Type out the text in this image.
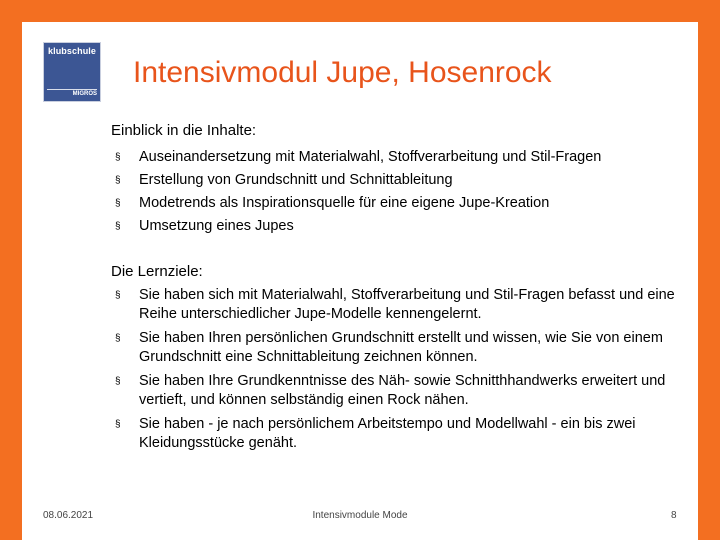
klubschule
MIGROS
Intensivmodul Jupe, Hosenrock
Einblick in die Inhalte:
§ Auseinandersetzung mit Materialwahl, Stoffverarbeitung und Stil-Fragen
§ Erstellung von Grundschnitt und Schnittableitung
§ Modetrends als Inspirationsquelle für eine eigene Jupe-Kreation
§ Umsetzung eines Jupes
Die Lernziele:
§ Sie haben sich mit Materialwahl, Stoffverarbeitung und Stil-Fragen befasst und eine Reihe unterschiedlicher Jupe-Modelle kennengelernt.
§ Sie haben Ihren persönlichen Grundschnitt erstellt und wissen, wie Sie von einem Grundschnitt eine Schnittableitung zeichnen können.
§ Sie haben Ihre Grundkenntnisse des Näh- sowie Schnitthhandwerks erweitert und vertieft, und können selbständig einen Rock nähen.
§ Sie haben - je nach persönlichem Arbeitstempo und Modellwahl - ein bis zwei Kleidungsstücke genäht.
08.06.2021	Intensivmodule Mode	8
